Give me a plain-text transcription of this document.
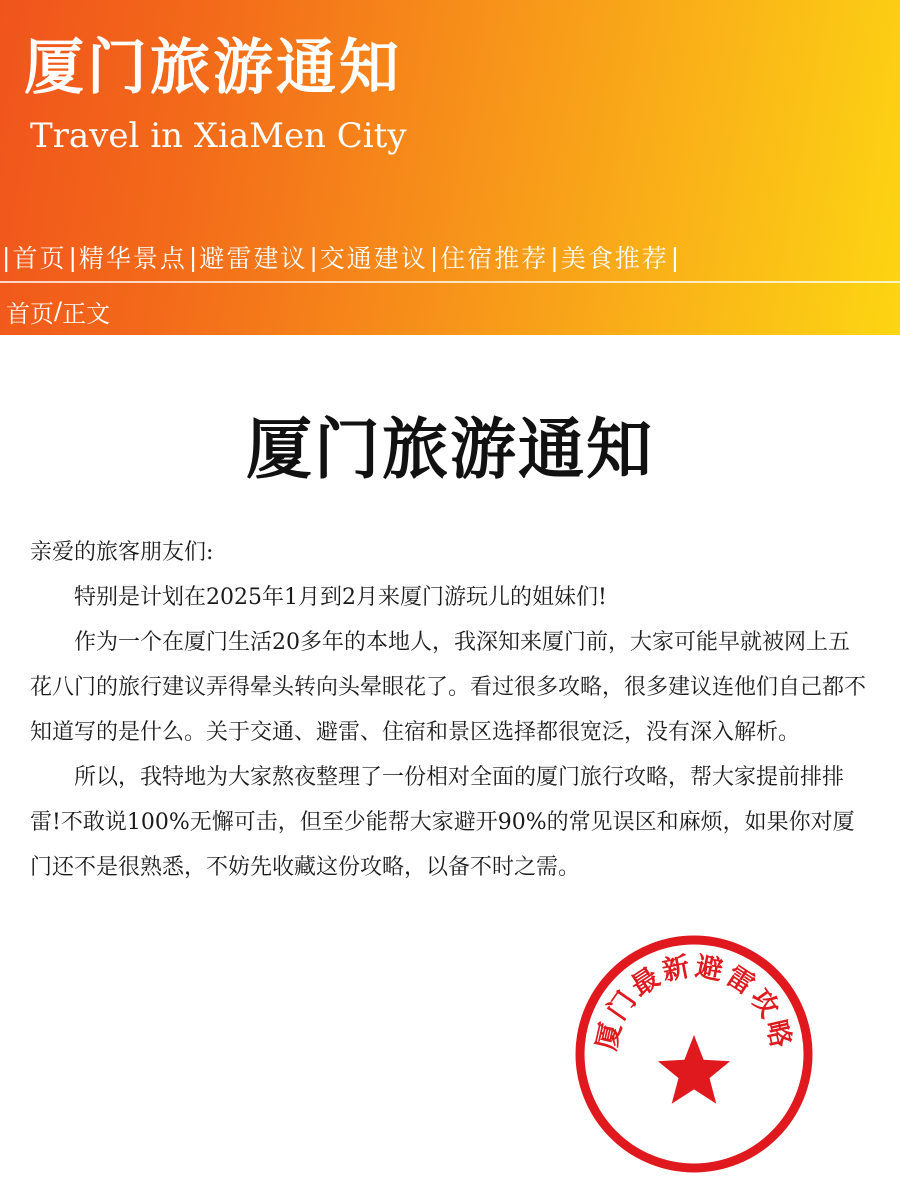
厦门旅游通知
Travel in XiaMen City
| 首页 | 精华景点 | 避雷建议 | 交通建议 | 住宿推荐 | 美食推荐 |
首页 / 正文
厦门旅游通知

亲爱的旅客朋友们:

特别是计划在2025年1月到2月来厦门游玩儿的姐妹们!

作为一个在厦门生活20多年的本地人，我深知来厦门前，大家可能早就被网上五花八门的旅行建议弄得晕头转向头晕眼花了。看过很多攻略，很多建议连他们自己都不知道写的是什么。关于交通、避雷、住宿和景区选择都很宽泛，没有深入解析。

所以，我特地为大家熬夜整理了一份相对全面的厦门旅行攻略，帮大家提前排排雷!不敢说100%无懈可击，但至少能帮大家避开90%的常见误区和麻烦，如果你对厦门还不是很熟悉，不妨先收藏这份攻略，以备不时之需。

厦门最新避雷攻略
